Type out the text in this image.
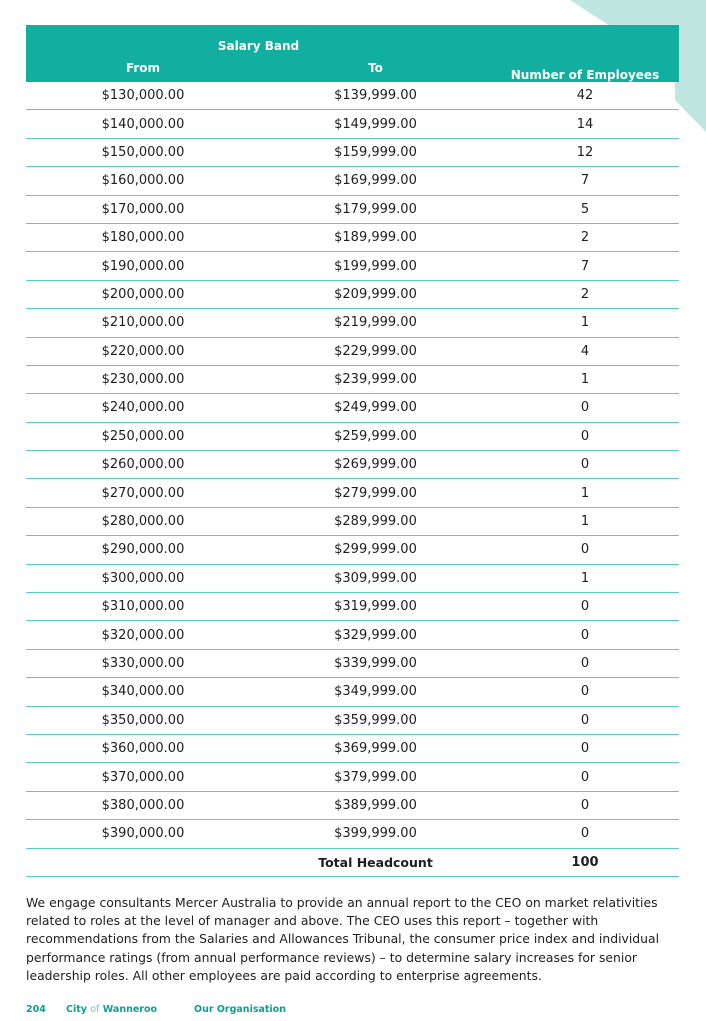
Salary Band		Number of Employees
From	To	
$130,000.00	$139,999.00	42
$140,000.00	$149,999.00	14
$150,000.00	$159,999.00	12
$160,000.00	$169,999.00	7
$170,000.00	$179,999.00	5
$180,000.00	$189,999.00	2
$190,000.00	$199,999.00	7
$200,000.00	$209,999.00	2
$210,000.00	$219,999.00	1
$220,000.00	$229,999.00	4
$230,000.00	$239,999.00	1
$240,000.00	$249,999.00	0
$250,000.00	$259,999.00	0
$260,000.00	$269,999.00	0
$270,000.00	$279,999.00	1
$280,000.00	$289,999.00	1
$290,000.00	$299,999.00	0
$300,000.00	$309,999.00	1
$310,000.00	$319,999.00	0
$320,000.00	$329,999.00	0
$330,000.00	$339,999.00	0
$340,000.00	$349,999.00	0
$350,000.00	$359,999.00	0
$360,000.00	$369,999.00	0
$370,000.00	$379,999.00	0
$380,000.00	$389,999.00	0
$390,000.00	$399,999.00	0
	Total Headcount	100

We engage consultants Mercer Australia to provide an annual report to the CEO on market relativities related to roles at the level of manager and above. The CEO uses this report – together with recommendations from the Salaries and Allowances Tribunal, the consumer price index and individual performance ratings (from annual performance reviews) – to determine salary increases for senior leadership roles. All other employees are paid according to enterprise agreements.

204 City of Wanneroo	Our Organisation
